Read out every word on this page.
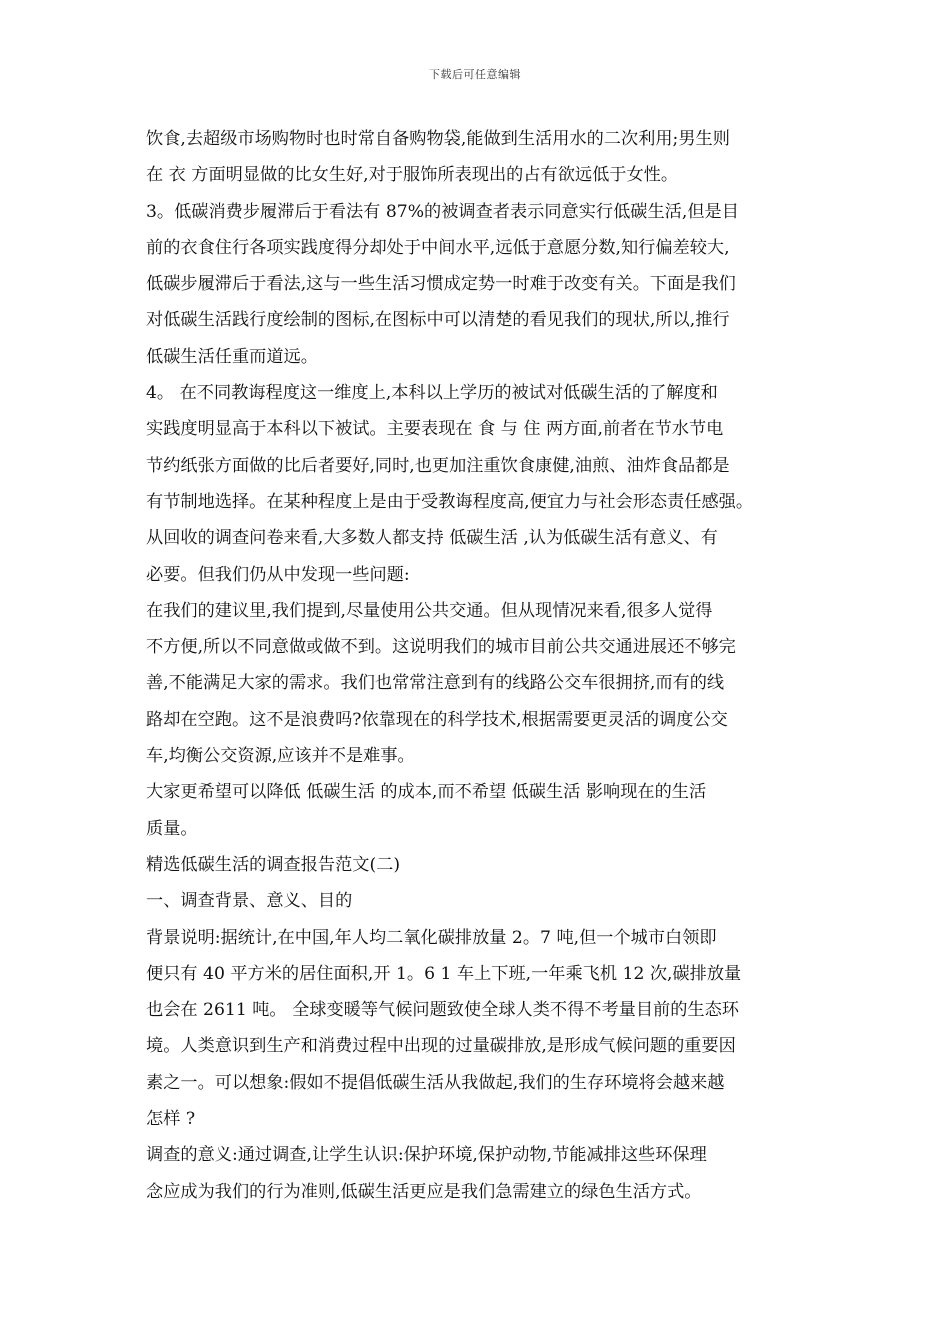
下载后可任意编辑
饮食,去超级市场购物时也时常自备购物袋,能做到生活用水的二次利用;男生则
在 衣 方面明显做的比女生好,对于服饰所表现出的占有欲远低于女性。
3。低碳消费步履滞后于看法有 87%的被调查者表示同意实行低碳生活,但是目
前的衣食住行各项实践度得分却处于中间水平,远低于意愿分数,知行偏差较大,
低碳步履滞后于看法,这与一些生活习惯成定势一时难于改变有关。下面是我们
对低碳生活践行度绘制的图标,在图标中可以清楚的看见我们的现状,所以,推行
低碳生活任重而道远。
4。 在不同教诲程度这一维度上,本科以上学历的被试对低碳生活的了解度和
实践度明显高于本科以下被试。主要表现在 食 与 住 两方面,前者在节水节电
节约纸张方面做的比后者要好,同时,也更加注重饮食康健,油煎、油炸食品都是
有节制地选择。在某种程度上是由于受教诲程度高,便宜力与社会形态责任感强。
从回收的调查问卷来看,大多数人都支持 低碳生活 ,认为低碳生活有意义、有
必要。但我们仍从中发现一些问题:
在我们的建议里,我们提到,尽量使用公共交通。但从现情况来看,很多人觉得
不方便,所以不同意做或做不到。这说明我们的城市目前公共交通进展还不够完
善,不能满足大家的需求。我们也常常注意到有的线路公交车很拥挤,而有的线
路却在空跑。这不是浪费吗?依靠现在的科学技术,根据需要更灵活的调度公交
车,均衡公交资源,应该并不是难事。
大家更希望可以降低 低碳生活 的成本,而不希望 低碳生活 影响现在的生活
质量。
精选低碳生活的调查报告范文(二)
一、调查背景、意义、目的
背景说明:据统计,在中国,年人均二氧化碳排放量 2。7 吨,但一个城市白领即
便只有 40 平方米的居住面积,开 1。6 1 车上下班,一年乘飞机 12 次,碳排放量
也会在 2611 吨。 全球变暖等气候问题致使全球人类不得不考量目前的生态环
境。人类意识到生产和消费过程中出现的过量碳排放,是形成气候问题的重要因
素之一。可以想象:假如不提倡低碳生活从我做起,我们的生存环境将会越来越
怎样 ?
调查的意义:通过调查,让学生认识:保护环境,保护动物,节能减排这些环保理
念应成为我们的行为准则,低碳生活更应是我们急需建立的绿色生活方式。
